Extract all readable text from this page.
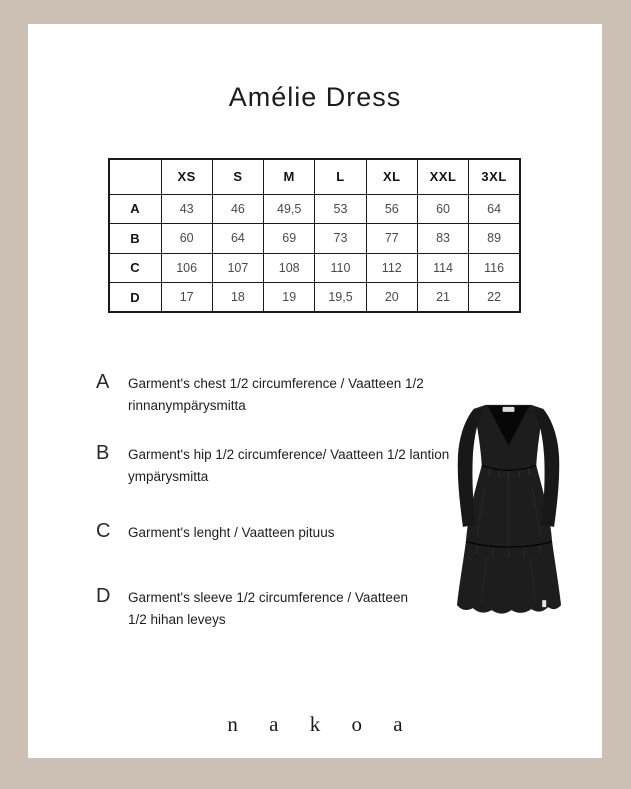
Amélie Dress
	XS	S	M	L	XL	XXL	3XL
A	43	46	49,5	53	56	60	64
B	60	64	69	73	77	83	89
C	106	107	108	110	112	114	116
D	17	18	19	19,5	20	21	22
A Garment's chest 1/2 circumference / Vaatteen 1/2
rinnanympärysmitta
B Garment's hip 1/2 circumference/ Vaatteen 1/2 lantion
ympärysmitta
C Garment's lenght / Vaatteen pituus
D Garment's sleeve 1/2 circumference / Vaatteen
1/2 hihan leveys
n a k o a
